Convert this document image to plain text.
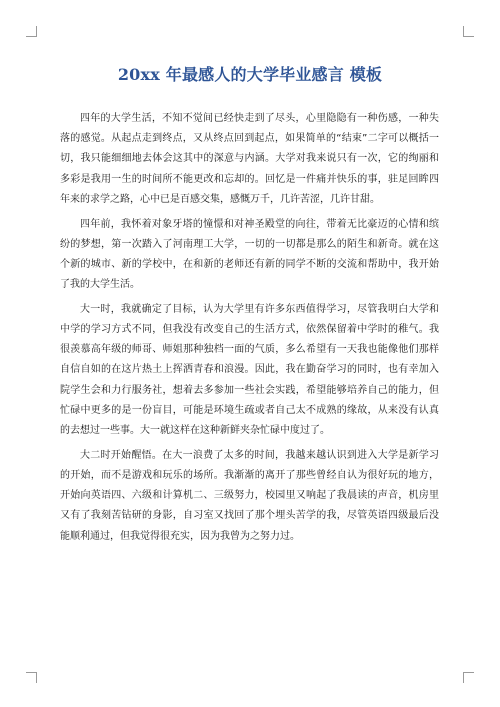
20xx 年最感人的大学毕业感言 模板

四年的大学生活，不知不觉间已经快走到了尽头，心里隐隐有一种伤感，一种失落的感觉。从起点走到终点，又从终点回到起点，如果简单的“结束”二字可以概括一切，我只能细细地去体会这其中的深意与内涵。大学对我来说只有一次，它的绚丽和多彩是我用一生的时间所不能更改和忘却的。回忆是一件痛并快乐的事，驻足回眸四年来的求学之路，心中已是百感交集，感慨万千，几许苦涩，几许甘甜。

四年前，我怀着对象牙塔的憧憬和对神圣殿堂的向往，带着无比豪迈的心情和缤纷的梦想，第一次踏入了河南理工大学，一切的一切都是那么的陌生和新奇。就在这个新的城市、新的学校中，在和新的老师还有新的同学不断的交流和帮助中，我开始了我的大学生活。

大一时，我就确定了目标，认为大学里有许多东西值得学习，尽管我明白大学和中学的学习方式不同，但我没有改变自己的生活方式，依然保留着中学时的稚气。我很羡慕高年级的师哥、师姐那种独档一面的气质，多么希望有一天我也能像他们那样自信自如的在这片热土上挥洒青春和浪漫。因此，我在勤奋学习的同时，也有幸加入院学生会和力行服务社，想着去多参加一些社会实践，希望能够培养自己的能力，但忙碌中更多的是一份盲目，可能是环境生疏或者自己太不成熟的缘故，从来没有认真的去想过一些事。大一就这样在这种新鲜夹杂忙碌中度过了。

大二时开始醒悟。在大一浪费了太多的时间，我越来越认识到进入大学是新学习的开始，而不是游戏和玩乐的场所。我渐渐的离开了那些曾经自认为很好玩的地方，开始向英语四、六级和计算机二、三级努力，校园里又响起了我晨读的声音，机房里又有了我刻苦钻研的身影，自习室又找回了那个埋头苦学的我，尽管英语四级最后没能顺利通过，但我觉得很充实，因为我曾为之努力过。
